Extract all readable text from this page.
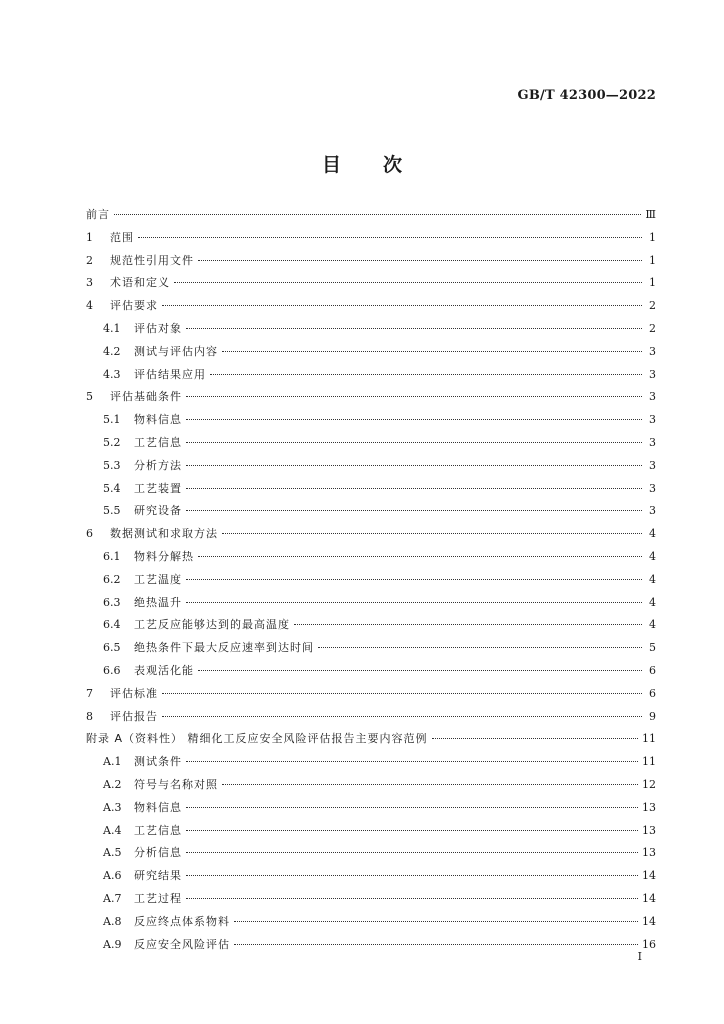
GB/T 42300—2022
目次
前言	Ⅲ
1	范围	1
2	规范性引用文件	1
3	术语和定义	1
4	评估要求	2
4.1	评估对象	2
4.2	测试与评估内容	3
4.3	评估结果应用	3
5	评估基础条件	3
5.1	物料信息	3
5.2	工艺信息	3
5.3	分析方法	3
5.4	工艺装置	3
5.5	研究设备	3
6	数据测试和求取方法	4
6.1	物料分解热	4
6.2	工艺温度	4
6.3	绝热温升	4
6.4	工艺反应能够达到的最高温度	4
6.5	绝热条件下最大反应速率到达时间	5
6.6	表观活化能	6
7	评估标准	6
8	评估报告	9
附录 A（资料性） 精细化工反应安全风险评估报告主要内容范例	11
A.1	测试条件	11
A.2	符号与名称对照	12
A.3	物料信息	13
A.4	工艺信息	13
A.5	分析信息	13
A.6	研究结果	14
A.7	工艺过程	14
A.8	反应终点体系物料	14
A.9	反应安全风险评估	16
I
